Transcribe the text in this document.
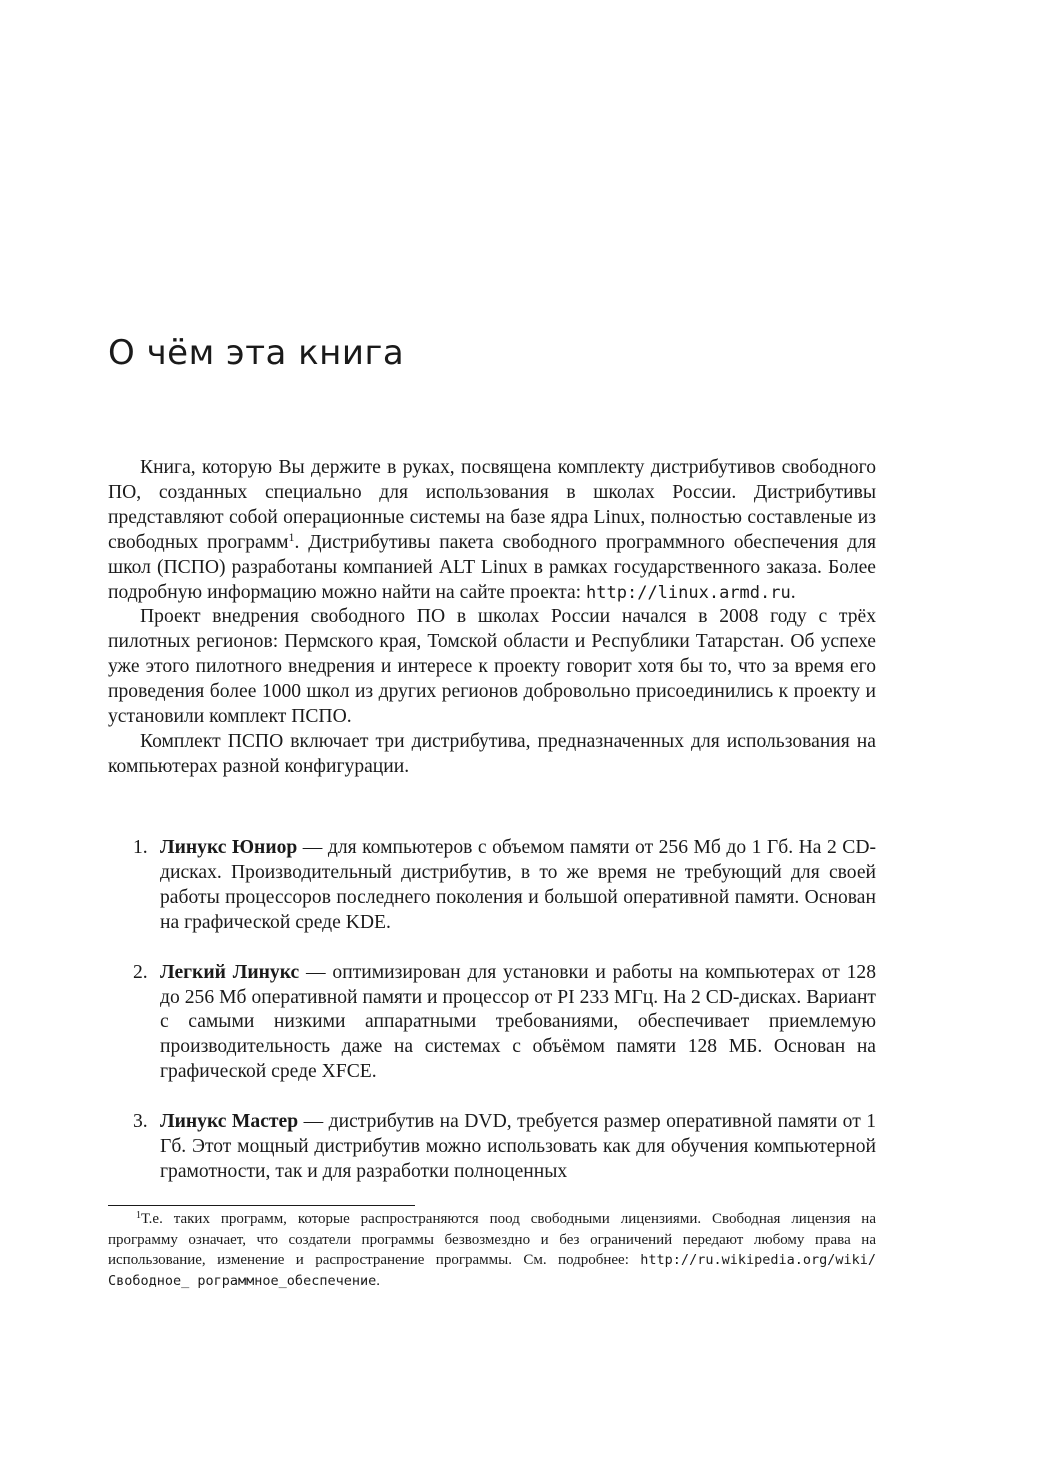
О чём эта книга

Книга, которую Вы держите в руках, посвящена комплекту дистрибутивов свободного ПО, созданных специально для использования в школах России. Дистрибутивы представляют собой операционные системы на базе ядра Linux, полностью составленые из свободных программ$^1$. Дистрибутивы пакета свободного программного обеспечения для школ (ПСПО) разработаны компанией ALT Linux в рамках государственного заказа. Более подробную информацию можно найти на сайте проекта: http://linux.armd.ru.

Проект внедрения свободного ПО в школах России начался в 2008 году с трёх пилотных регионов: Пермского края, Томской области и Республики Татарстан. Об успехе уже этого пилотного внедрения и интересе к проекту говорит хотя бы то, что за время его проведения более 1000 школ из других регионов добровольно присоединились к проекту и установили комплект ПСПО.

Комплект ПСПО включает три дистрибутива, предназначенных для использования на компьютерах разной конфигурации.

1. Линукс Юниор — для компьютеров с объемом памяти от 256 Мб до 1 Гб. На 2 CD-дисках. Производительный дистрибутив, в то же время не требующий для своей работы процессоров последнего поколения и большой оперативной памяти. Основан на графической среде KDE.
2. Легкий Линукс — оптимизирован для установки и работы на компьютерах от 128 до 256 Мб оперативной памяти и процессор от PI 233 МГц. На 2 CD-дисках. Вариант с самыми низкими аппаратными требованиями, обеспечивает приемлемую производительность даже на системах с объёмом памяти 128 МБ. Основан на графической среде XFCE.
3. Линукс Мастер — дистрибутив на DVD, требуется размер оперативной памяти от 1 Гб. Этот мощный дистрибутив можно использовать как для обучения компьютерной грамотности, так и для разработки полноценных

$^1$Т.е. таких программ, которые распространяются поод свободными лицензиями. Свободная лицензия на программу означает, что создатели программы безвозмездно и без ограничений передают любому права на использование, изменение и распространение программы. См. подробнее: http://ru.wikipedia.org/wiki/Свободное_ рограммное_обеспечение.
